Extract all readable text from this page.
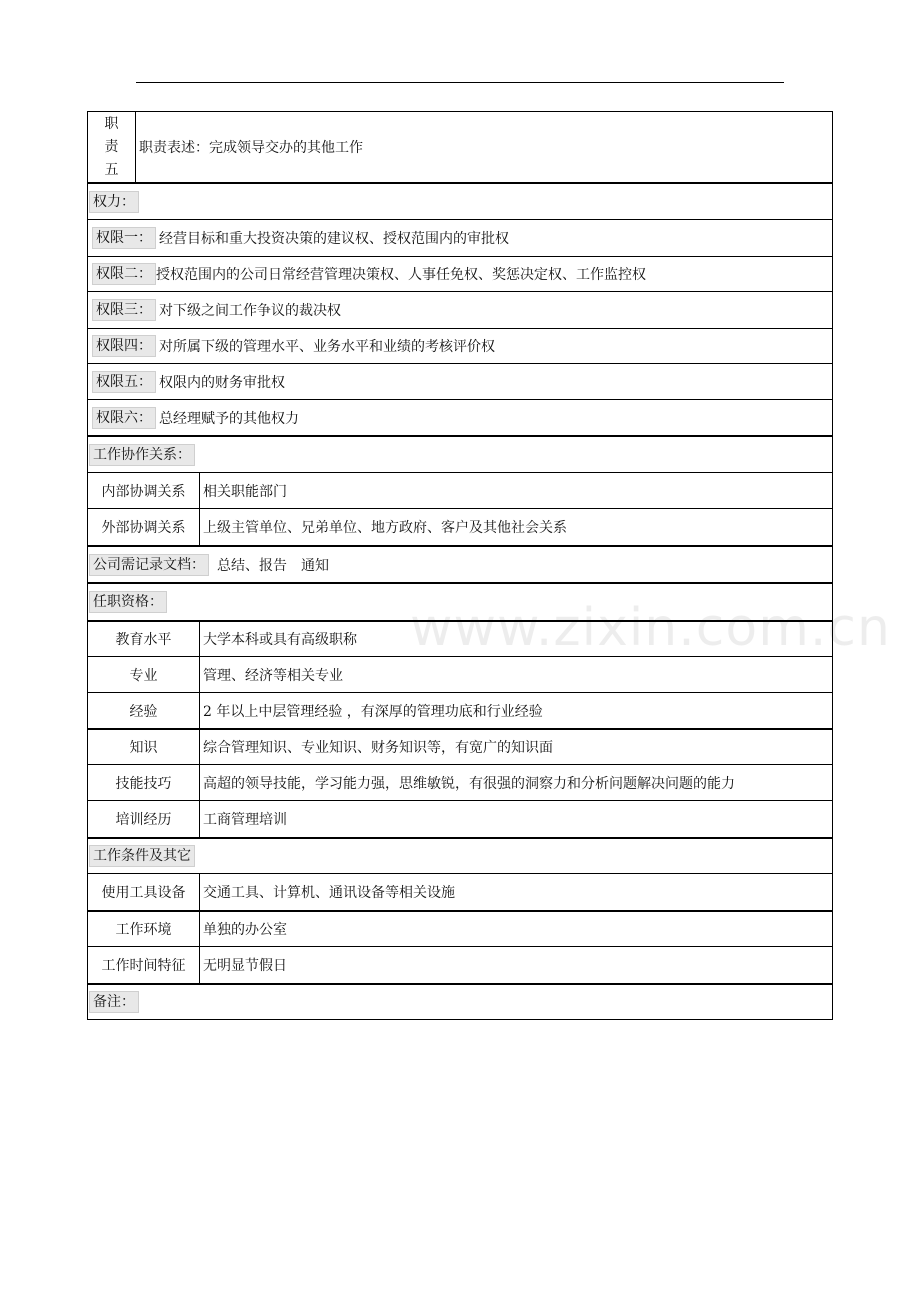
www.zixin.com.cn
职
责
五
职责表述：完成领导交办的其他工作
权力：
权限一： 经营目标和重大投资决策的建议权、授权范围内的审批权
权限二： 授权范围内的公司日常经营管理决策权、人事任免权、奖惩决定权、工作监控权
权限三： 对下级之间工作争议的裁决权
权限四： 对所属下级的管理水平、业务水平和业绩的考核评价权
权限五： 权限内的财务审批权
权限六： 总经理赋予的其他权力
工作协作关系：
内部协调关系	相关职能部门
外部协调关系	上级主管单位、兄弟单位、地方政府、客户及其他社会关系
公司需记录文档： 总结、报告　通知
任职资格：
教育水平	大学本科或具有高级职称
专业	管理、经济等相关专业
经验	2 年以上中层管理经验 ，有深厚的管理功底和行业经验
知识	综合管理知识、专业知识、财务知识等，有宽广的知识面
技能技巧	高超的领导技能，学习能力强，思维敏锐，有很强的洞察力和分析问题解决问题的能力
培训经历	工商管理培训
工作条件及其它
使用工具设备	交通工具、计算机、通讯设备等相关设施
工作环境	单独的办公室
工作时间特征	无明显节假日
备注：
